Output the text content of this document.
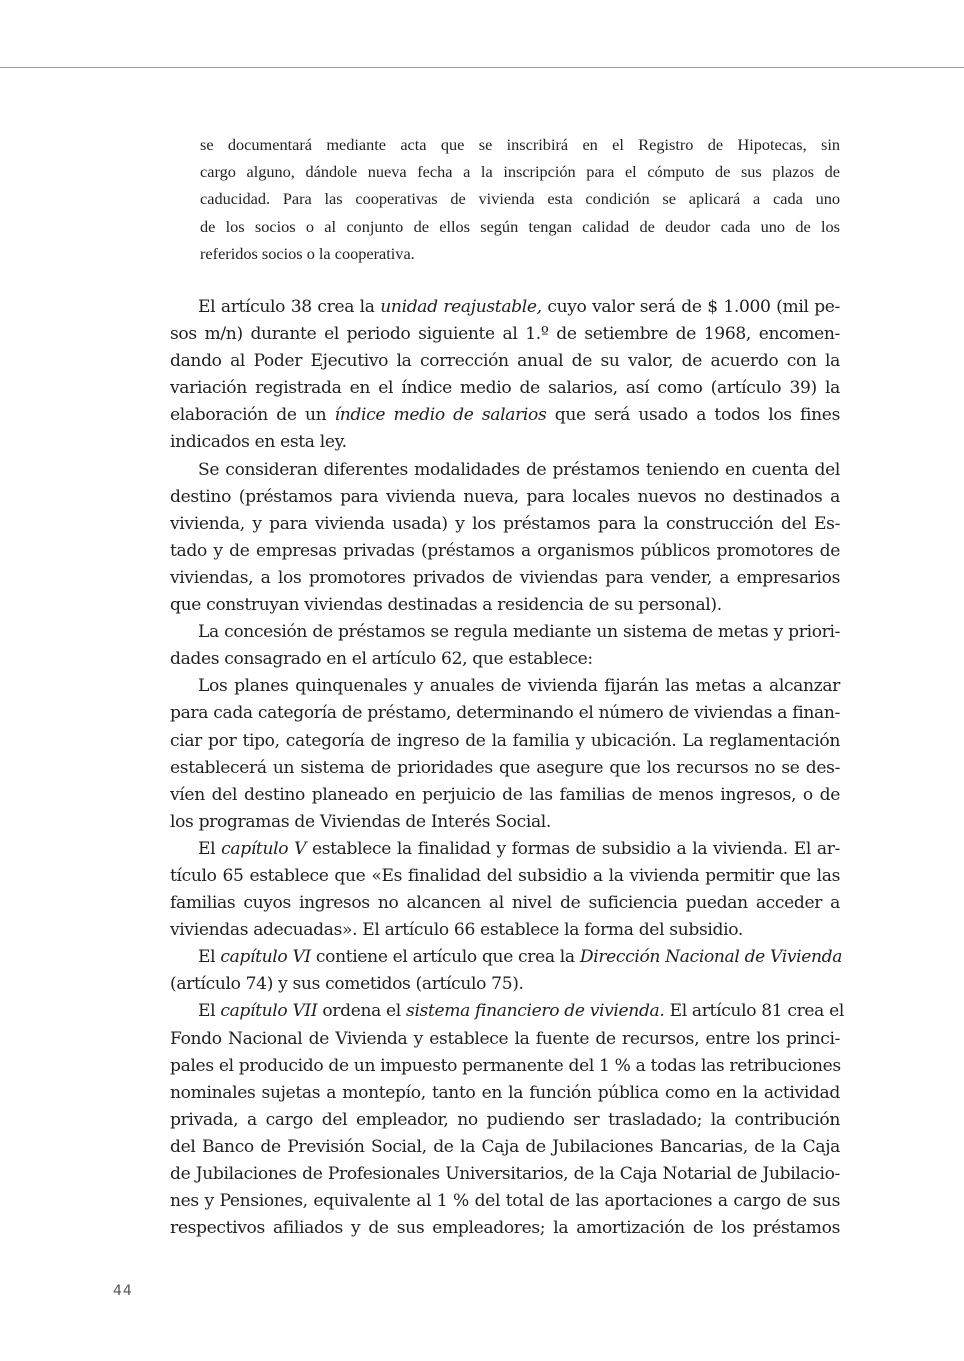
se documentará mediante acta que se inscribirá en el Registro de Hipotecas, sin
cargo alguno, dándole nueva fecha a la inscripción para el cómputo de sus plazos de
caducidad. Para las cooperativas de vivienda esta condición se aplicará a cada uno
de los socios o al conjunto de ellos según tengan calidad de deudor cada uno de los
referidos socios o la cooperativa.
El artículo 38 crea la unidad reajustable, cuyo valor será de $ 1.000 (mil pe-
sos m/n) durante el periodo siguiente al 1.º de setiembre de 1968, encomen-
dando al Poder Ejecutivo la corrección anual de su valor, de acuerdo con la
variación registrada en el índice medio de salarios, así como (artículo 39) la
elaboración de un índice medio de salarios que será usado a todos los fines
indicados en esta ley.
Se consideran diferentes modalidades de préstamos teniendo en cuenta del
destino (préstamos para vivienda nueva, para locales nuevos no destinados a
vivienda, y para vivienda usada) y los préstamos para la construcción del Es-
tado y de empresas privadas (préstamos a organismos públicos promotores de
viviendas, a los promotores privados de viviendas para vender, a empresarios
que construyan viviendas destinadas a residencia de su personal).
La concesión de préstamos se regula mediante un sistema de metas y priori-
dades consagrado en el artículo 62, que establece:
Los planes quinquenales y anuales de vivienda fijarán las metas a alcanzar
para cada categoría de préstamo, determinando el número de viviendas a finan-
ciar por tipo, categoría de ingreso de la familia y ubicación. La reglamentación
establecerá un sistema de prioridades que asegure que los recursos no se des-
víen del destino planeado en perjuicio de las familias de menos ingresos, o de
los programas de Viviendas de Interés Social.
El capítulo V establece la finalidad y formas de subsidio a la vivienda. El ar-
tículo 65 establece que «Es finalidad del subsidio a la vivienda permitir que las
familias cuyos ingresos no alcancen al nivel de suficiencia puedan acceder a
viviendas adecuadas». El artículo 66 establece la forma del subsidio.
El capítulo VI contiene el artículo que crea la Dirección Nacional de Vivienda
(artículo 74) y sus cometidos (artículo 75).
El capítulo VII ordena el sistema financiero de vivienda. El artículo 81 crea el
Fondo Nacional de Vivienda y establece la fuente de recursos, entre los princi-
pales el producido de un impuesto permanente del 1 % a todas las retribuciones
nominales sujetas a montepío, tanto en la función pública como en la actividad
privada, a cargo del empleador, no pudiendo ser trasladado; la contribución
del Banco de Previsión Social, de la Caja de Jubilaciones Bancarias, de la Caja
de Jubilaciones de Profesionales Universitarios, de la Caja Notarial de Jubilacio-
nes y Pensiones, equivalente al 1 % del total de las aportaciones a cargo de sus
respectivos afiliados y de sus empleadores; la amortización de los préstamos
44
